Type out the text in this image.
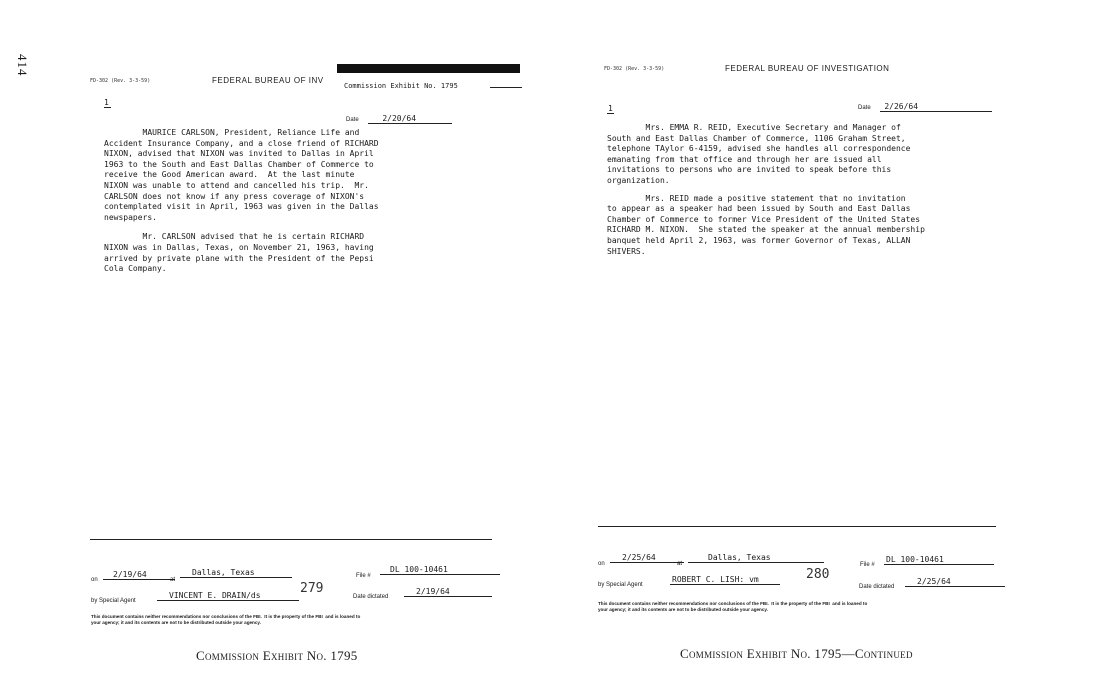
414
FD-302 (Rev. 3-3-59)	FEDERAL BUREAU OF INV
Commission Exhibit No. 1795
1
Date	2/20/64

MAURICE CARLSON, President, Reliance Life and
Accident Insurance Company, and a close friend of RICHARD
NIXON, advised that NIXON was invited to Dallas in April
1963 to the South and East Dallas Chamber of Commerce to
receive the Good American award.  At the last minute
NIXON was unable to attend and cancelled his trip.  Mr.
CARLSON does not know if any press coverage of NIXON's
contemplated visit in April, 1963 was given in the Dallas
newspapers.

Mr. CARLSON advised that he is certain RICHARD
NIXON was in Dallas, Texas, on November 21, 1963, having
arrived by private plane with the President of the Pepsi
Cola Company.

on
2/19/64
at
Dallas, Texas	File #
DL 100-10461
by Special Agent
VINCENT E. DRAIN/ds	279
Date dictated
2/19/64
This document contains neither recommendations nor conclusions of the FBI.  It is the property of the FBI  and is loaned to
your agency; it and its contents are not to be distributed outside your agency.
Commission Exhibit No. 1795
FD-302 (Rev. 3-3-59)	FEDERAL BUREAU OF INVESTIGATION
1	Date 2/26/64

Mrs. EMMA R. REID, Executive Secretary and Manager of
South and East Dallas Chamber of Commerce, 1106 Graham Street,
telephone TAylor 6-4159, advised she handles all correspondence
emanating from that office and through her are issued all
invitations to persons who are invited to speak before this
organization.

Mrs. REID made a positive statement that no invitation
to appear as a speaker had been issued by South and East Dallas
Chamber of Commerce to former Vice President of the United States
RICHARD M. NIXON.  She stated the speaker at the annual membership
banquet held April 2, 1963, was former Governor of Texas, ALLAN
SHIVERS.

on
2/25/64
at
Dallas, Texas
File #
DL 100-10461
by Special Agent
ROBERT C. LISH: vm	280
Date dictated
2/25/64
This document contains neither recommendations nor conclusions of the FBI.  It is the property of the FBI  and is loaned to
your agency; it and its contents are not to be distributed outside your agency.
Commission Exhibit No. 1795—Continued
